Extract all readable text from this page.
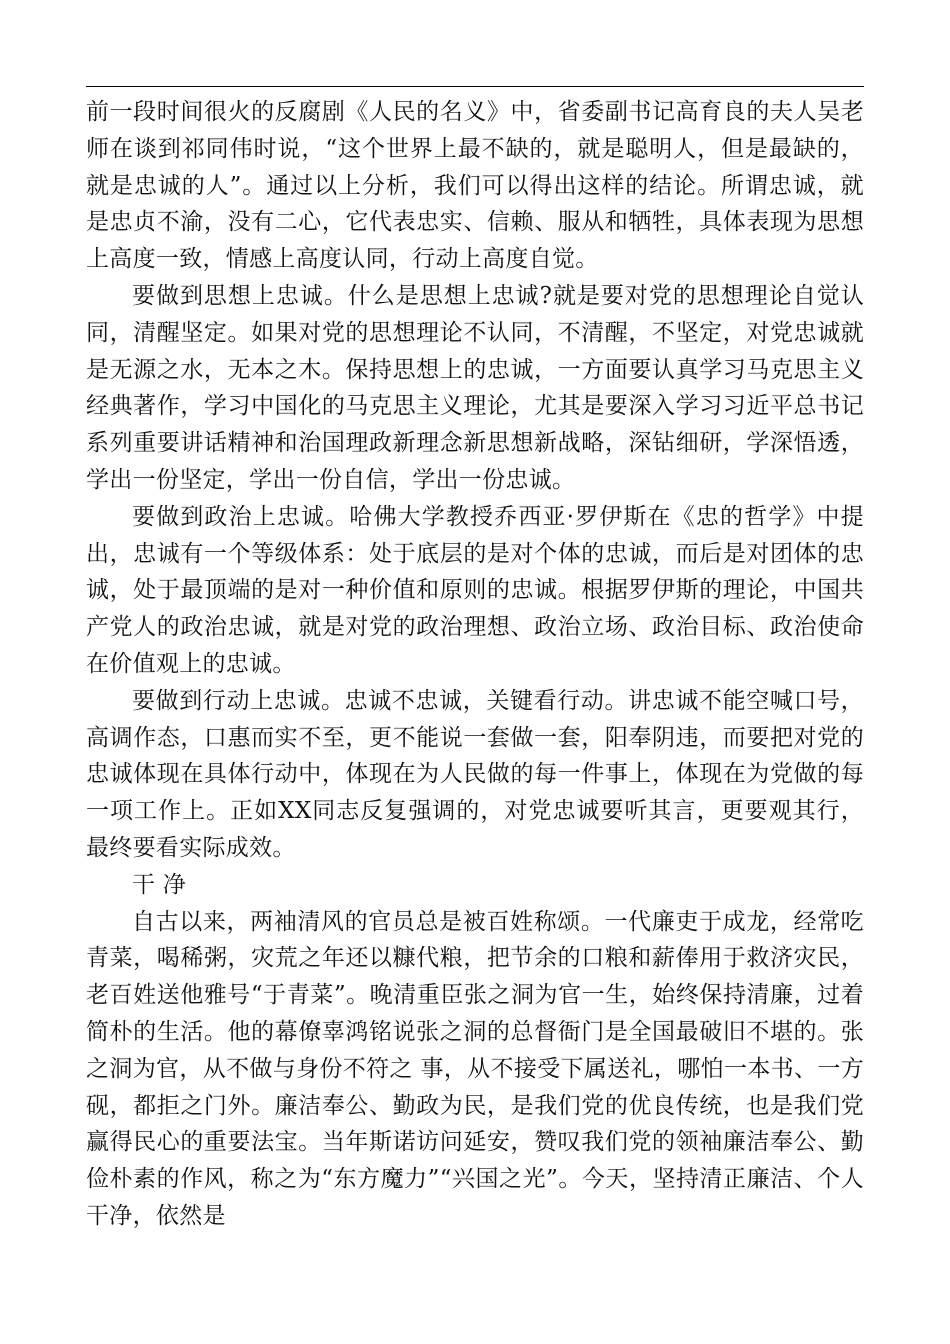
前一段时间很火的反腐剧《人民的名义》中，省委副书记高育良的夫人吴老师在谈到祁同伟时说，“这个世界上最不缺的，就是聪明人，但是最缺的，就是忠诚的人”。通过以上分析，我们可以得出这样的结论。所谓忠诚，就是忠贞不渝，没有二心，它代表忠实、信赖、服从和牺牲，具体表现为思想上高度一致，情感上高度认同，行动上高度自觉。

要做到思想上忠诚。什么是思想上忠诚?就是要对党的思想理论自觉认同，清醒坚定。如果对党的思想理论不认同，不清醒，不坚定，对党忠诚就是无源之水，无本之木。保持思想上的忠诚，一方面要认真学习马克思主义经典著作，学习中国化的马克思主义理论，尤其是要深入学习习近平总书记系列重要讲话精神和治国理政新理念新思想新战略，深钻细研，学深悟透，学出一份坚定，学出一份自信，学出一份忠诚。

要做到政治上忠诚。哈佛大学教授乔西亚·罗伊斯在《忠的哲学》中提出，忠诚有一个等级体系：处于底层的是对个体的忠诚，而后是对团体的忠诚，处于最顶端的是对一种价值和原则的忠诚。根据罗伊斯的理论，中国共产党人的政治忠诚，就是对党的政治理想、政治立场、政治目标、政治使命在价值观上的忠诚。

要做到行动上忠诚。忠诚不忠诚，关键看行动。讲忠诚不能空喊口号，高调作态，口惠而实不至，更不能说一套做一套，阳奉阴违，而要把对党的忠诚体现在具体行动中，体现在为人民做的每一件事上，体现在为党做的每一项工作上。正如XX同志反复强调的，对党忠诚要听其言，更要观其行，最终要看实际成效。

干 净

自古以来，两袖清风的官员总是被百姓称颂。一代廉吏于成龙，经常吃青菜，喝稀粥，灾荒之年还以糠代粮，把节余的口粮和薪俸用于救济灾民，老百姓送他雅号“于青菜”。晚清重臣张之洞为官一生，始终保持清廉，过着简朴的生活。他的幕僚辜鸿铭说张之洞的总督衙门是全国最破旧不堪的。张之洞为官，从不做与身份不符之 事，从不接受下属送礼，哪怕一本书、一方砚，都拒之门外。廉洁奉公、勤政为民，是我们党的优良传统，也是我们党赢得民心的重要法宝。当年斯诺访问延安，赞叹我们党的领袖廉洁奉公、勤俭朴素的作风，称之为“东方魔力”“兴国之光”。今天，坚持清正廉洁、个人干净，依然是
